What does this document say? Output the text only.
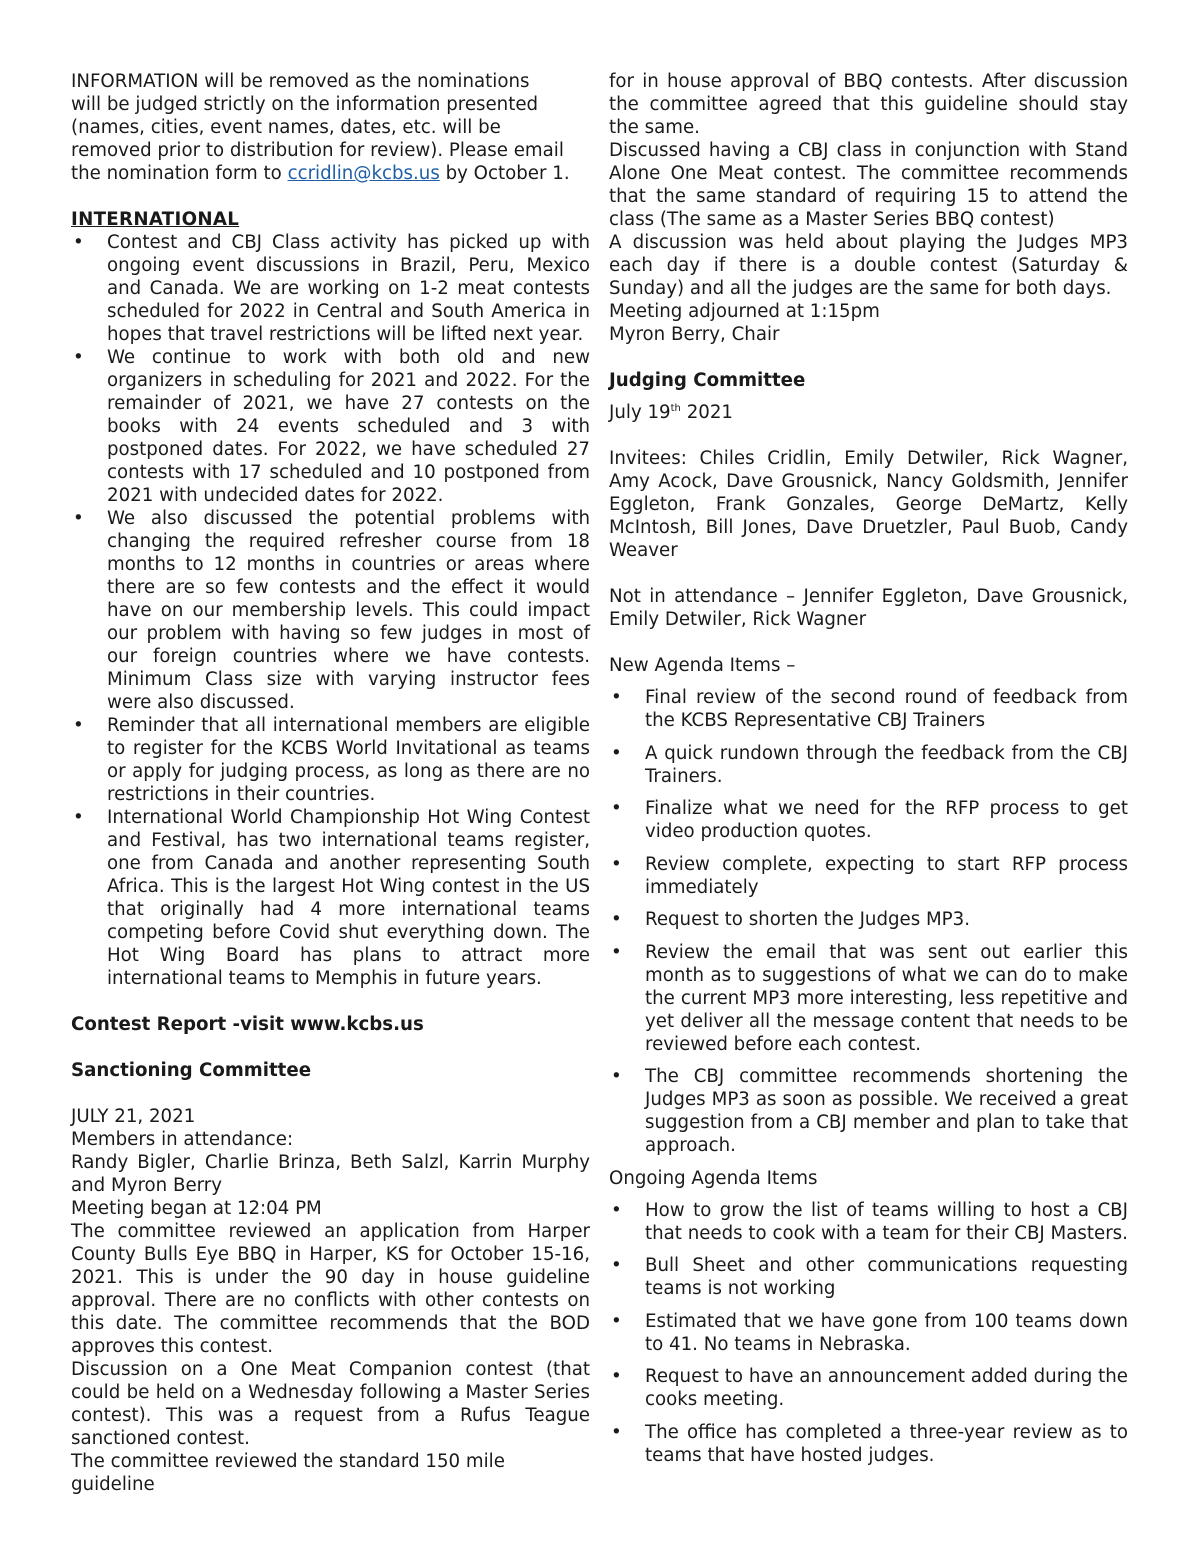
INFORMATION will be removed as the nominations

will be judged strictly on the information presented

(names, cities, event names, dates, etc. will be

removed prior to distribution for review). Please email

the nomination form to ccridlin@kcbs.us by October 1.

INTERNATIONAL

• Contest and CBJ Class activity has picked up with ongoing event discussions in Brazil, Peru, Mexico and Canada. We are working on 1-2 meat contests scheduled for 2022 in Central and South America in hopes that travel restrictions will be lifted next year.
• We continue to work with both old and new organizers in scheduling for 2021 and 2022. For the remainder of 2021, we have 27 contests on the books with 24 events scheduled and 3 with postponed dates. For 2022, we have scheduled 27 contests with 17 scheduled and 10 postponed from 2021 with undecided dates for 2022.
• We also discussed the potential problems with changing the required refresher course from 18 months to 12 months in countries or areas where there are so few contests and the effect it would have on our membership levels. This could impact our problem with having so few judges in most of our foreign countries where we have contests. Minimum Class size with varying instructor fees were also discussed.
• Reminder that all international members are eligible to register for the KCBS World Invitational as teams or apply for judging process, as long as there are no restrictions in their countries.
• International World Championship Hot Wing Contest and Festival, has two international teams register, one from Canada and another representing South Africa. This is the largest Hot Wing contest in the US that originally had 4 more international teams competing before Covid shut everything down. The Hot Wing Board has plans to attract more international teams to Memphis in future years.

Contest Report -visit www.kcbs.us

Sanctioning Committee

JULY 21, 2021

Members in attendance:

Randy Bigler, Charlie Brinza, Beth Salzl, Karrin Murphy and Myron Berry

Meeting began at 12:04 PM

The committee reviewed an application from Harper County Bulls Eye BBQ in Harper, KS for October 15-16, 2021. This is under the 90 day in house guideline approval. There are no conflicts with other contests on this date. The committee recommends that the BOD approves this contest.

Discussion on a One Meat Companion contest (that could be held on a Wednesday following a Master Series contest). This was a request from a Rufus Teague sanctioned contest.

The committee reviewed the standard 150 mile guideline

for in house approval of BBQ contests. After discussion the committee agreed that this guideline should stay the same.

Discussed having a CBJ class in conjunction with Stand Alone One Meat contest. The committee recommends that the same standard of requiring 15 to attend the class (The same as a Master Series BBQ contest)

A discussion was held about playing the Judges MP3 each day if there is a double contest (Saturday & Sunday) and all the judges are the same for both days.

Meeting adjourned at 1:15pm

Myron Berry, Chair

Judging Committee

July 19th 2021

Invitees: Chiles Cridlin, Emily Detwiler, Rick Wagner, Amy Acock, Dave Grousnick, Nancy Goldsmith, Jennifer Eggleton, Frank Gonzales, George DeMartz, Kelly McIntosh, Bill Jones, Dave Druetzler, Paul Buob, Candy Weaver

Not in attendance – Jennifer Eggleton, Dave Grousnick, Emily Detwiler, Rick Wagner

New Agenda Items –

• Final review of the second round of feedback from the KCBS Representative CBJ Trainers
• A quick rundown through the feedback from the CBJ Trainers.
• Finalize what we need for the RFP process to get video production quotes.
• Review complete, expecting to start RFP process immediately
• Request to shorten the Judges MP3.
• Review the email that was sent out earlier this month as to suggestions of what we can do to make the current MP3 more interesting, less repetitive and yet deliver all the message content that needs to be reviewed before each contest.
• The CBJ committee recommends shortening the Judges MP3 as soon as possible. We received a great suggestion from a CBJ member and plan to take that approach.

Ongoing Agenda Items

• How to grow the list of teams willing to host a CBJ that needs to cook with a team for their CBJ Masters.
• Bull Sheet and other communications requesting teams is not working
• Estimated that we have gone from 100 teams down to 41. No teams in Nebraska.
• Request to have an announcement added during the cooks meeting.
• The office has completed a three-year review as to teams that have hosted judges.
